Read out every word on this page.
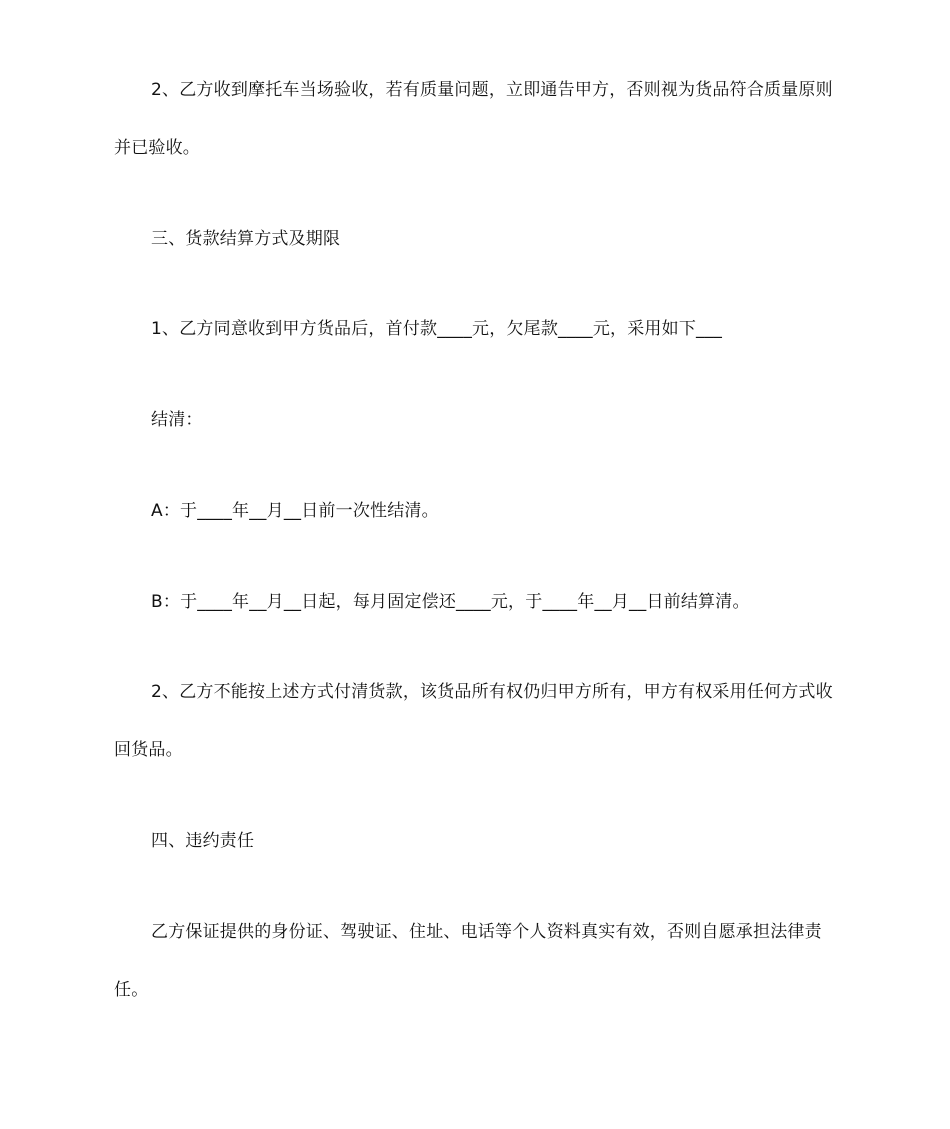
2、乙方收到摩托车当场验收，若有质量问题，立即通告甲方，否则视为货品符合质量原则
并已验收。
三、货款结算方式及期限
1、乙方同意收到甲方货品后，首付款____元，欠尾款____元，采用如下___
结清：
A：于____年__月__日前一次性结清。
B：于____年__月__日起，每月固定偿还____元，于____年__月__日前结算清。
2、乙方不能按上述方式付清货款，该货品所有权仍归甲方所有，甲方有权采用任何方式收
回货品。
四、违约责任
乙方保证提供的身份证、驾驶证、住址、电话等个人资料真实有效，否则自愿承担法律责
任。
